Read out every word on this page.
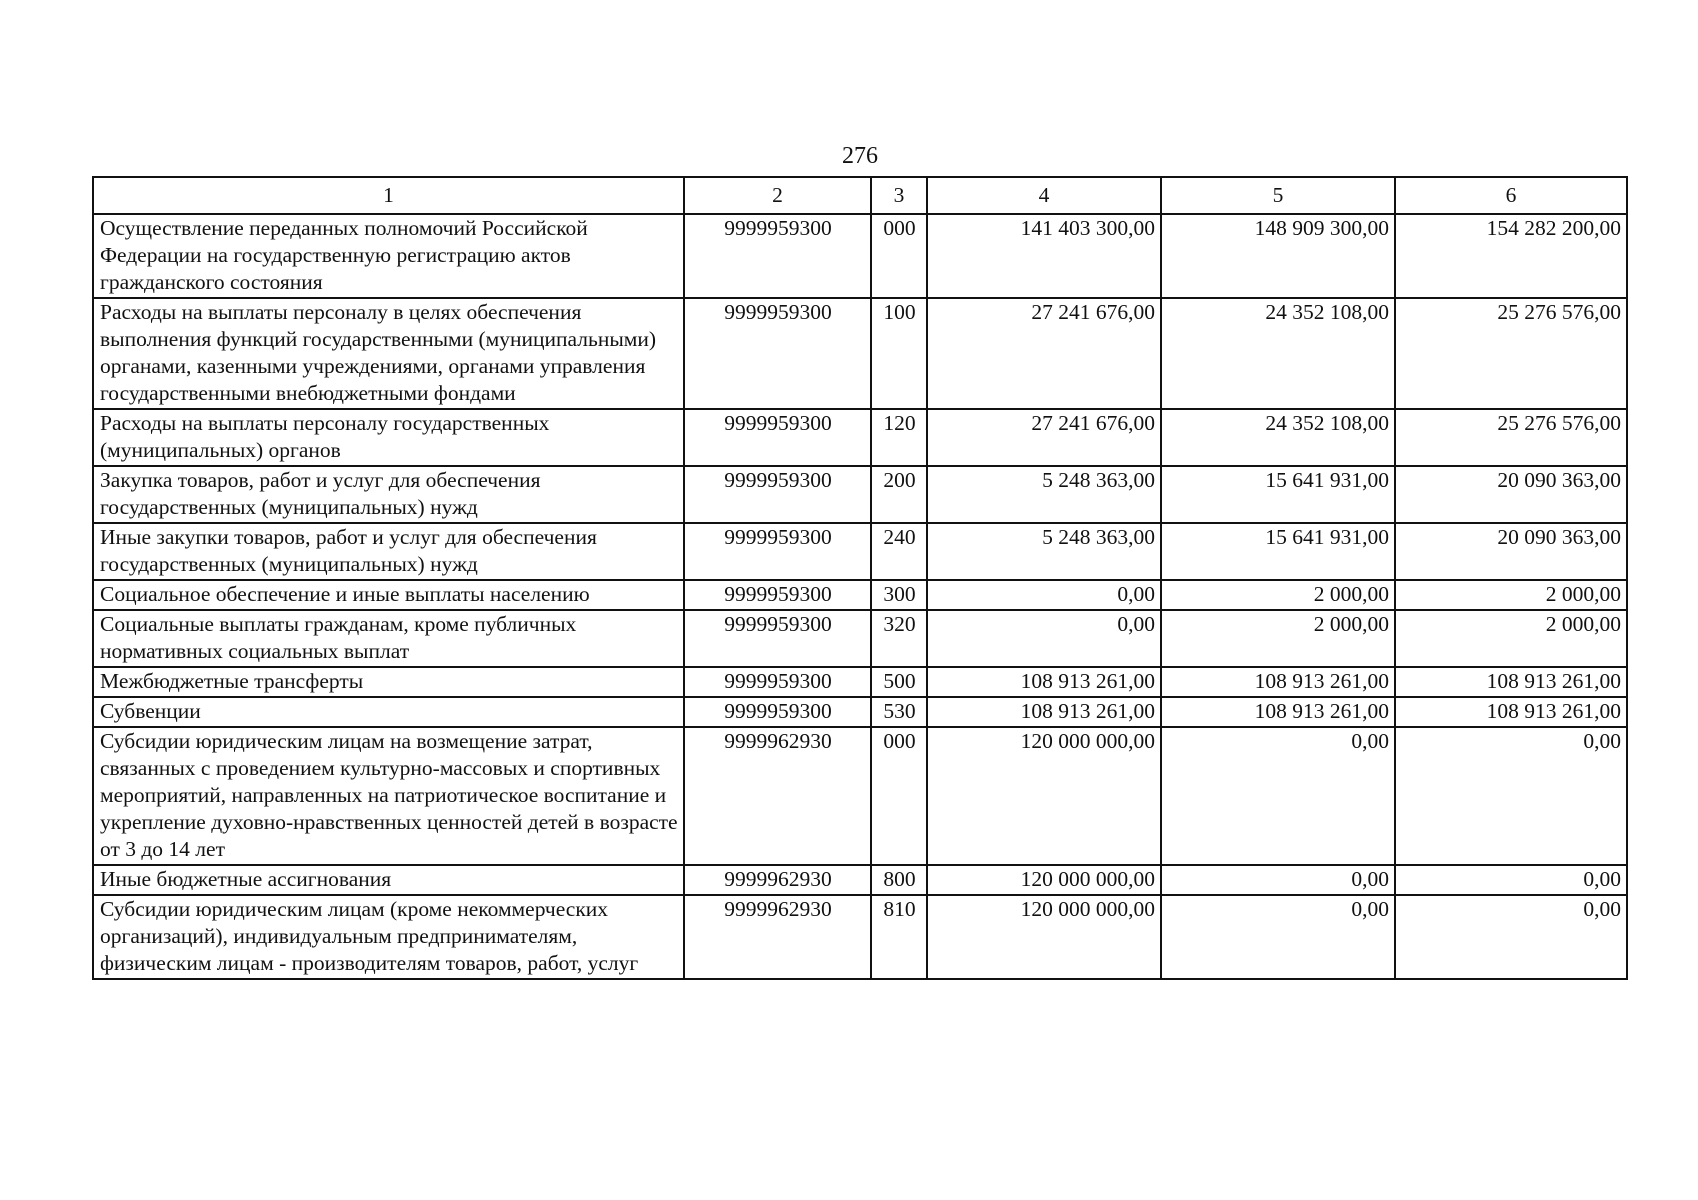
276
1	2	3	4	5	6
Осуществление переданных полномочий Российской Федерации на государственную регистрацию актов гражданского состояния	9999959300	000	141 403 300,00	148 909 300,00	154 282 200,00
Расходы на выплаты персоналу в целях обеспечения выполнения функций государственными (муниципальными) органами, казенными учреждениями, органами управления государственными внебюджетными фондами	9999959300	100	27 241 676,00	24 352 108,00	25 276 576,00
Расходы на выплаты персоналу государственных (муниципальных) органов	9999959300	120	27 241 676,00	24 352 108,00	25 276 576,00
Закупка товаров, работ и услуг для обеспечения государственных (муниципальных) нужд	9999959300	200	5 248 363,00	15 641 931,00	20 090 363,00
Иные закупки товаров, работ и услуг для обеспечения государственных (муниципальных) нужд	9999959300	240	5 248 363,00	15 641 931,00	20 090 363,00
Социальное обеспечение и иные выплаты населению	9999959300	300	0,00	2 000,00	2 000,00
Социальные выплаты гражданам, кроме публичных нормативных социальных выплат	9999959300	320	0,00	2 000,00	2 000,00
Межбюджетные трансферты	9999959300	500	108 913 261,00	108 913 261,00	108 913 261,00
Субвенции	9999959300	530	108 913 261,00	108 913 261,00	108 913 261,00
Субсидии юридическим лицам на возмещение затрат, связанных с проведением культурно-массовых и спортивных мероприятий, направленных на патриотическое воспитание и укрепление духовно-нравственных ценностей детей в возрасте от 3 до 14 лет	9999962930	000	120 000 000,00	0,00	0,00
Иные бюджетные ассигнования	9999962930	800	120 000 000,00	0,00	0,00
Субсидии юридическим лицам (кроме некоммерческих организаций), индивидуальным предпринимателям, физическим лицам - производителям товаров, работ, услуг	9999962930	810	120 000 000,00	0,00	0,00
